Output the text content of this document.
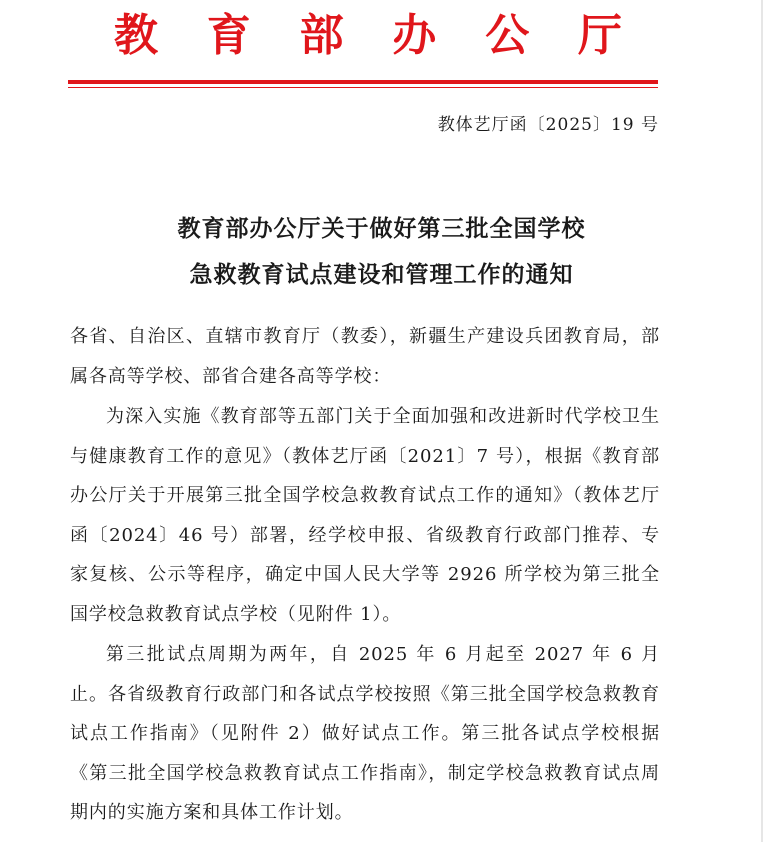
教 育 部 办 公 厅
教体艺厅函〔2025〕19 号
教育部办公厅关于做好第三批全国学校
急救教育试点建设和管理工作的通知

各省、自治区、直辖市教育厅（教委），新疆生产建设兵团教育局，部属各高等学校、部省合建各高等学校：

为深入实施《教育部等五部门关于全面加强和改进新时代学校卫生与健康教育工作的意见》（教体艺厅函〔2021〕7 号），根据《教育部办公厅关于开展第三批全国学校急救教育试点工作的通知》（教体艺厅函〔2024〕46 号）部署，经学校申报、省级教育行政部门推荐、专家复核、公示等程序，确定中国人民大学等 2926 所学校为第三批全国学校急救教育试点学校（见附件 1）。

第三批试点周期为两年，自 2025 年 6 月起至 2027 年 6 月止。各省级教育行政部门和各试点学校按照《第三批全国学校急救教育试点工作指南》（见附件 2）做好试点工作。第三批各试点学校根据《第三批全国学校急救教育试点工作指南》，制定学校急救教育试点周期内的实施方案和具体工作计划。
